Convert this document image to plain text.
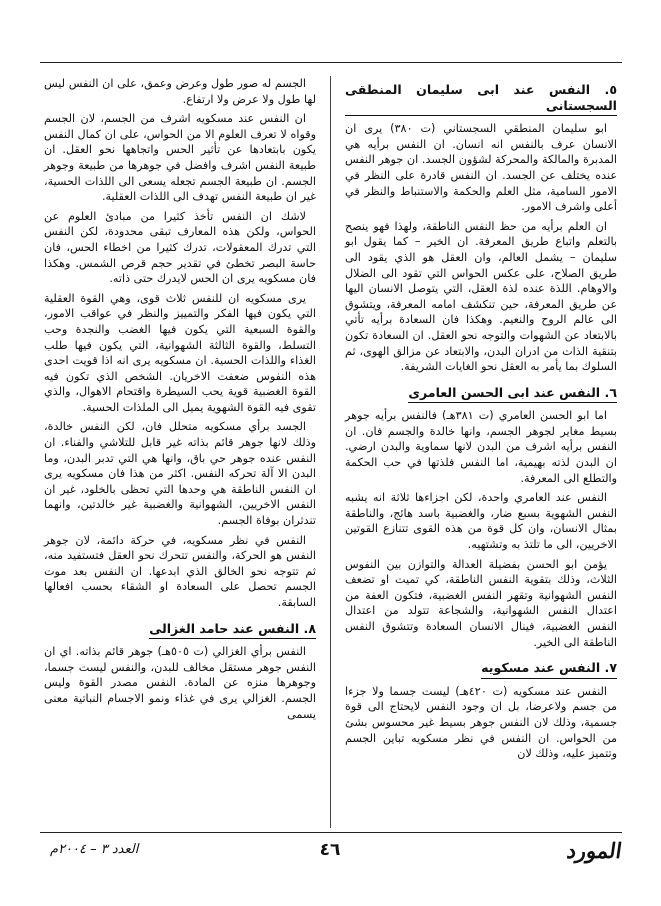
٥. النفس عند ابى سليمان المنطقى السجستانى

ابو سليمان المنطقي السجستاني (ت ٣٨٠) يرى ان الانسان عرف بالنفس انه انسان. ان النفس برأيه هي المدبرة والمالكة والمحركة لشؤون الجسد. ان جوهر النفس عنده يختلف عن الجسد. ان النفس قادرة على النظر في الامور السامية، مثل العلم والحكمة والاستنباط والنظر في أعلى واشرف الامور.

ان العلم برأيه من حظ النفس الناطقة، ولهذا فهو ينصح بالتعلم واتباع طريق المعرفة. ان الخير – كما يقول ابو سليمان – يشمل العالم، وان العقل هو الذي يقود الى طريق الصلاح، على عكس الحواس التي تقود الى الضلال والاوهام. اللذة عنده لذة العقل، التي يتوصل الانسان اليها عن طريق المعرفة، حين تنكشف امامه المعرفة، ويتشوق الى عالم الروح والنعيم. وهكذا فان السعادة برأيه تأتي بالابتعاد عن الشهوات والتوجه نحو العقل. ان السعادة تكون بتنقية الذات من ادران البدن، والابتعاد عن مزالق الهوى، ثم السلوك بما يأمر به العقل نحو الغايات الشريفة.

٦. النفس عند ابى الحسن العامرى

اما ابو الحسن العامري (ت ٣٨١هـ) فالنفس برأيه جوهر بسيط مغاير لجوهر الجسم، وانها خالدة والجسم فان. ان النفس برأيه اشرف من البدن لانها سماوية والبدن ارضي. ان البدن لذته بهيمية، اما النفس فلذتها في حب الحكمة والتطلع الى المعرفة.

النفس عند العامري واحدة، لكن اجزاءها ثلاثة انه يشبه النفس الشهوية بسبع ضار، والغضبية باسد هائج، والناطقة بمثال الانسان، وان كل قوة من هذه القوى تتنازع القوتين الاخريين، الى ما تلتذ به وتشتهيه.

يؤمن ابو الحسن بفضيلة العدالة والتوازن بين النفوس الثلاث، وذلك بتقوية النفس الناطقة، كي تميت او تضعف النفس الشهوانية وتقهر النفس الغضبية، فتكون العفة من اعتدال النفس الشهوانية، والشجاعة تتولد من اعتدال النفس الغضبية، فينال الانسان السعادة وتتشوق النفس الناطقة الى الخير.

٧. النفس عند مسكويه

النفس عند مسكويه (ت ٤٢٠هـ) ليست جسما ولا جزءا من جسم ولاعرضا، بل ان وجود النفس لايحتاج الى قوة جسمية، وذلك لان النفس جوهر بسيط غير محسوس بشئ من الحواس. ان النفس في نظر مسكويه تباين الجسم وتتميز عليه، وذلك لان

الجسم له صور طول وعرض وعمق، على ان النفس ليس لها طول ولا عرض ولا ارتفاع.

ان النفس عند مسكويه اشرف من الجسم، لان الجسم وقواه لا تعرف العلوم الا من الحواس، على ان كمال النفس يكون بابتعادها عن تأثير الحس واتجاهها نحو العقل. ان طبيعة النفس اشرف وافضل في جوهرها من طبيعة وجوهر الجسم. ان طبيعة الجسم تجعله يسعى الى اللذات الحسية، غير ان طبيعة النفس تهدف الى اللذات العقلية.

لاشك ان النفس تأخذ كثيرا من مبادئ العلوم عن الحواس، ولكن هذه المعارف تبقى محدودة، لكن النفس التي تدرك المعقولات، تدرك كثيرا من اخطاء الحس، فان حاسة البصر تخطئ في تقدير حجم قرص الشمس. وهكذا فان مسكويه يرى ان الحس لايدرك حتى ذاته.

يرى مسكويه ان للنفس ثلاث قوى، وهي القوة العقلية التي يكون فيها الفكر والتمييز والنظر في عواقب الامور، والقوة السبعية التي يكون فيها الغضب والنجدة وحب التسلط، والقوة الثالثة الشهوانية، التي يكون فيها طلب الغذاء واللذات الحسية. ان مسكويه يرى انه اذا قويت احدى هذه النفوس ضعفت الاخريان. الشخص الذي تكون فيه القوة الغضبية قوية يحب السيطرة واقتحام الاهوال، والذي تقوى فيه القوة الشهوية يميل الى الملذات الحسية.

الجسد برأي مسكويه متحلل فان، لكن النفس خالدة، وذلك لانها جوهر قائم بذاته غير قابل للتلاشي والفناء. ان النفس عنده جوهر حي باق، وانها هي التي تدبر البدن، وما البدن الا آلة تحركه النفس. اكثر من هذا فان مسكويه يرى ان النفس الناطقة هي وحدها التي تحظى بالخلود، غير ان النفس الاخريين، الشهوانية والغضبية غير خالدتين، وانهما تندثران بوفاة الجسم.

النفس في نظر مسكويه، في حركة دائمة، لان جوهر النفس هو الحركة، والنفس تتحرك نحو العقل فتستفيد منه، ثم تتوجه نحو الخالق الذي ابدعها. ان النفس بعد موت الجسم تحصل على السعادة او الشقاء بحسب افعالها السابقة.

٨. النفس عند حامد الغزالى

النفس برأي الغزالي (ت ٥٠٥هـ) جوهر قائم بذاته. اي ان النفس جوهر مستقل مخالف للبدن، والنفس ليست جسما، وجوهرها منزه عن المادة. النفس مصدر القوة وليس الجسم. الغزالي يرى في غذاء ونمو الاجسام النباتية معنى يسمى

المورد
٤٦
العدد ٣ – ٢٠٠٤م
